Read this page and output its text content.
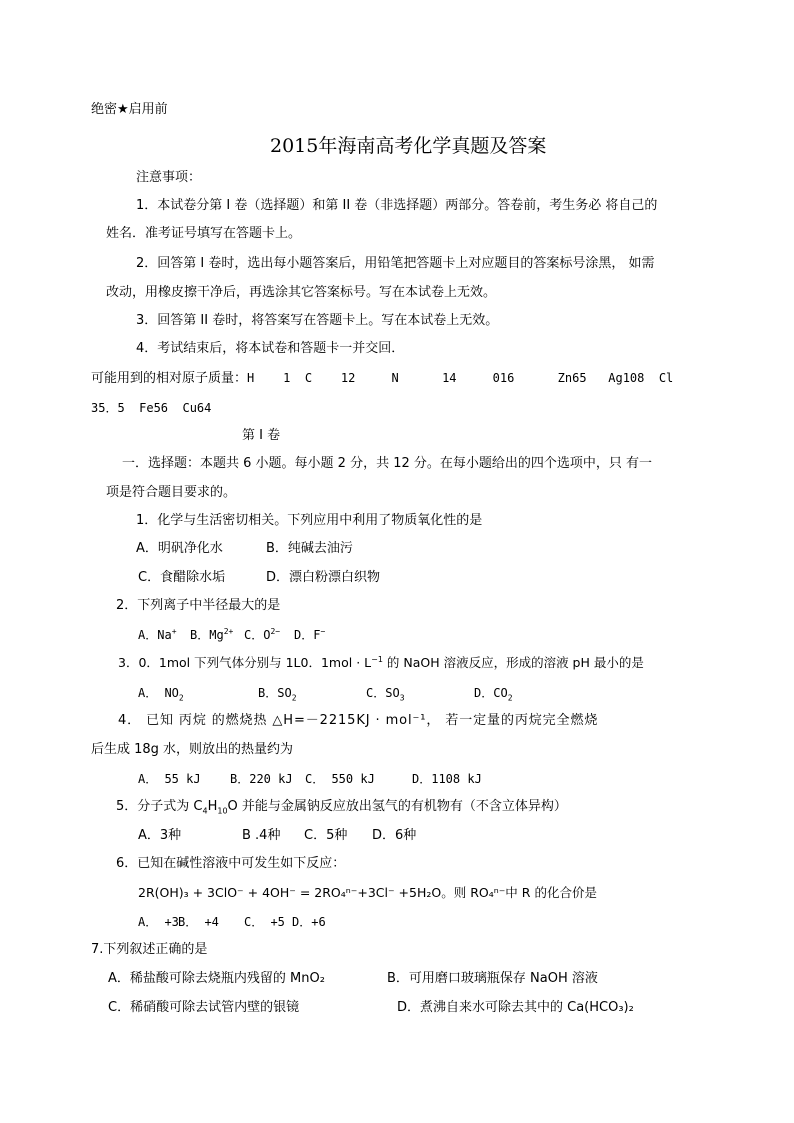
绝密★启用前
2015年海南高考化学真题及答案
注意事项：
1．本试卷分第 I 卷（选择题）和第 II 卷（非选择题）两部分。答卷前，考生务必 将自己的
姓名．准考证号填写在答题卡上。
2．回答第 I 卷时，选出每小题答案后，用铅笔把答题卡上对应题目的答案标号涂黑， 如需
改动，用橡皮擦干净后，再选涂其它答案标号。写在本试卷上无效。
3．回答第 II 卷时，将答案写在答题卡上。写在本试卷上无效。
4．考试结束后，将本试卷和答题卡一并交回．
可能用到的相对原子质量：H    1  C    12     N      14     016      Zn65   Ag108  Cl
35．5  Fe56  Cu64
第 I 卷
一．选择题：本题共 6 小题。每小题 2 分，共 12 分。在每小题给出的四个选项中，只 有一
项是符合题目要求的。
1．化学与生活密切相关。下列应用中利用了物质氧化性的是
A．明矾净化水	B．纯碱去油污
C．食醋除水垢	D．漂白粉漂白织物
2．下列离子中半径最大的是
A．Na+ B．$Mg^{2+}$ C．$O^{2-}$ D．F−
3．0．1mol 下列气体分别与 1L0．$1mol \cdot L^{-1}$ 的 NaOH 溶液反应，形成的溶液 pH 最小的是
A． $NO_2$	B．$SO_2$	C．$SO_3$	D．$CO_2$
4． 已知 丙烷 的燃烧热 △H=－2215KJ · mol⁻¹， 若一定量的丙烷完全燃烧
后生成 18g 水，则放出的热量约为
A． 55 kJ B．220 kJ C． 550 kJ	D．1108 kJ
5．分子式为 $C_4H_{10}O$ 并能与金属钠反应放出氢气的有机物有（不含立体异构）
A．3种	B .4种 C．5种 D．6种
6．已知在碱性溶液中可发生如下反应：
2R(OH)₃ + 3ClO⁻ + 4OH⁻ = 2RO₄ⁿ⁻+3Cl⁻ +5H₂O。则 RO₄ⁿ⁻中 R 的化合价是
A． +3B． +4 C． +5 D．+6
7.下列叙述正确的是
A．稀盐酸可除去烧瓶内残留的 MnO₂	B．可用磨口玻璃瓶保存 NaOH 溶液
C．稀硝酸可除去试管内壁的银镜	D．煮沸自来水可除去其中的 Ca(HCO₃)₂
